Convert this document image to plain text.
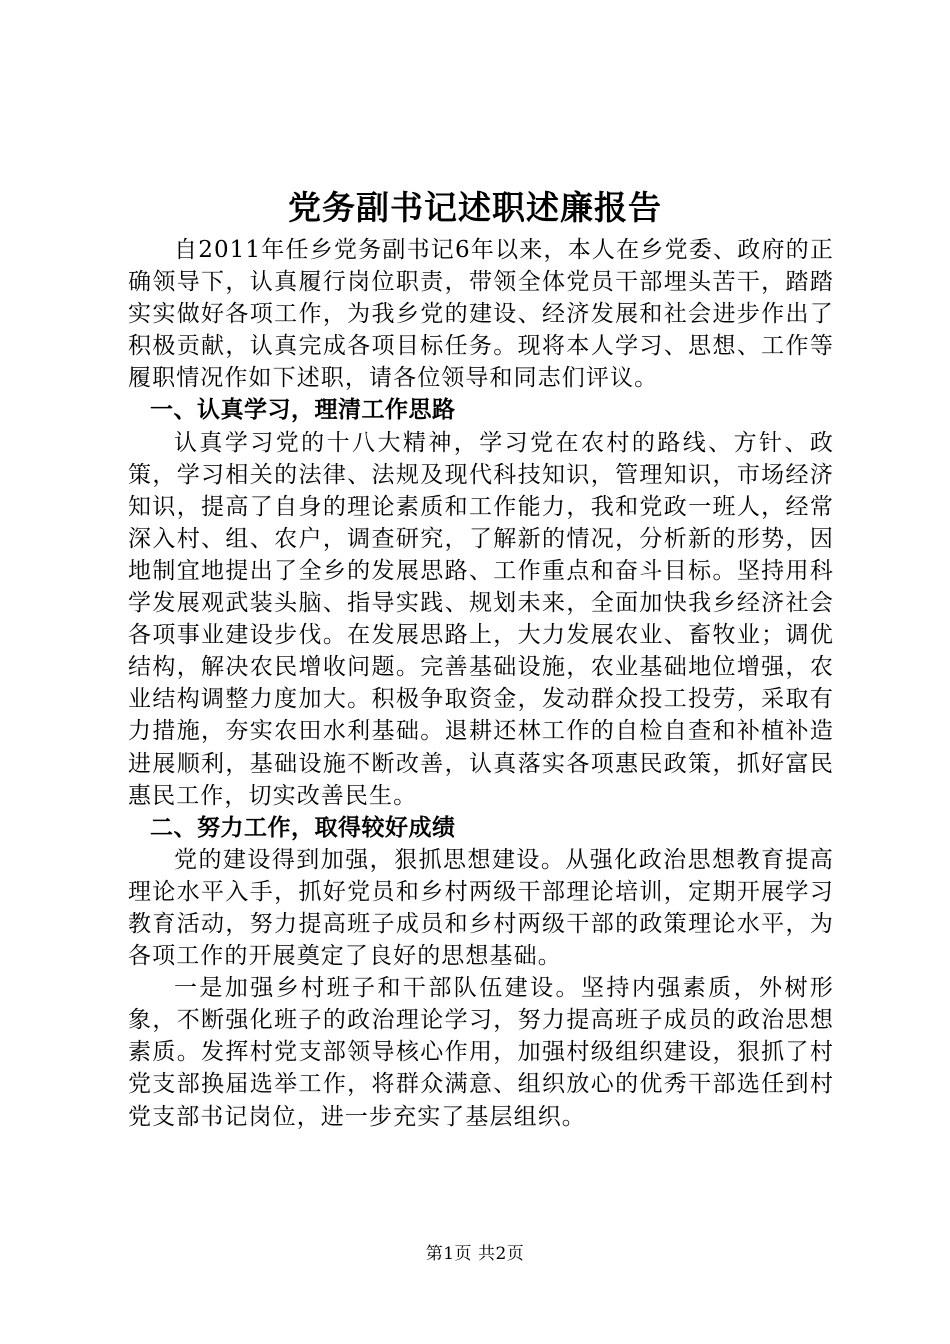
党务副书记述职述廉报告

自2011年任乡党务副书记6年以来，本人在乡党委、政府的正确领导下，认真履行岗位职责，带领全体党员干部埋头苦干，踏踏实实做好各项工作，为我乡党的建设、经济发展和社会进步作出了积极贡献，认真完成各项目标任务。现将本人学习、思想、工作等履职情况作如下述职，请各位领导和同志们评议。

一、认真学习，理清工作思路

认真学习党的十八大精神，学习党在农村的路线、方针、政策，学习相关的法律、法规及现代科技知识，管理知识，市场经济知识，提高了自身的理论素质和工作能力，我和党政一班人，经常深入村、组、农户，调查研究，了解新的情况，分析新的形势，因地制宜地提出了全乡的发展思路、工作重点和奋斗目标。坚持用科学发展观武装头脑、指导实践、规划未来，全面加快我乡经济社会各项事业建设步伐。在发展思路上，大力发展农业、畜牧业；调优结构，解决农民增收问题。完善基础设施，农业基础地位增强，农业结构调整力度加大。积极争取资金，发动群众投工投劳，采取有力措施，夯实农田水利基础。退耕还林工作的自检自查和补植补造进展顺利，基础设施不断改善，认真落实各项惠民政策，抓好富民惠民工作，切实改善民生。

二、努力工作，取得较好成绩

党的建设得到加强，狠抓思想建设。从强化政治思想教育提高理论水平入手，抓好党员和乡村两级干部理论培训，定期开展学习教育活动，努力提高班子成员和乡村两级干部的政策理论水平，为各项工作的开展奠定了良好的思想基础。

一是加强乡村班子和干部队伍建设。坚持内强素质，外树形象，不断强化班子的政治理论学习，努力提高班子成员的政治思想素质。发挥村党支部领导核心作用，加强村级组织建设，狠抓了村党支部换届选举工作，将群众满意、组织放心的优秀干部选任到村党支部书记岗位，进一步充实了基层组织。

第1页 共2页
